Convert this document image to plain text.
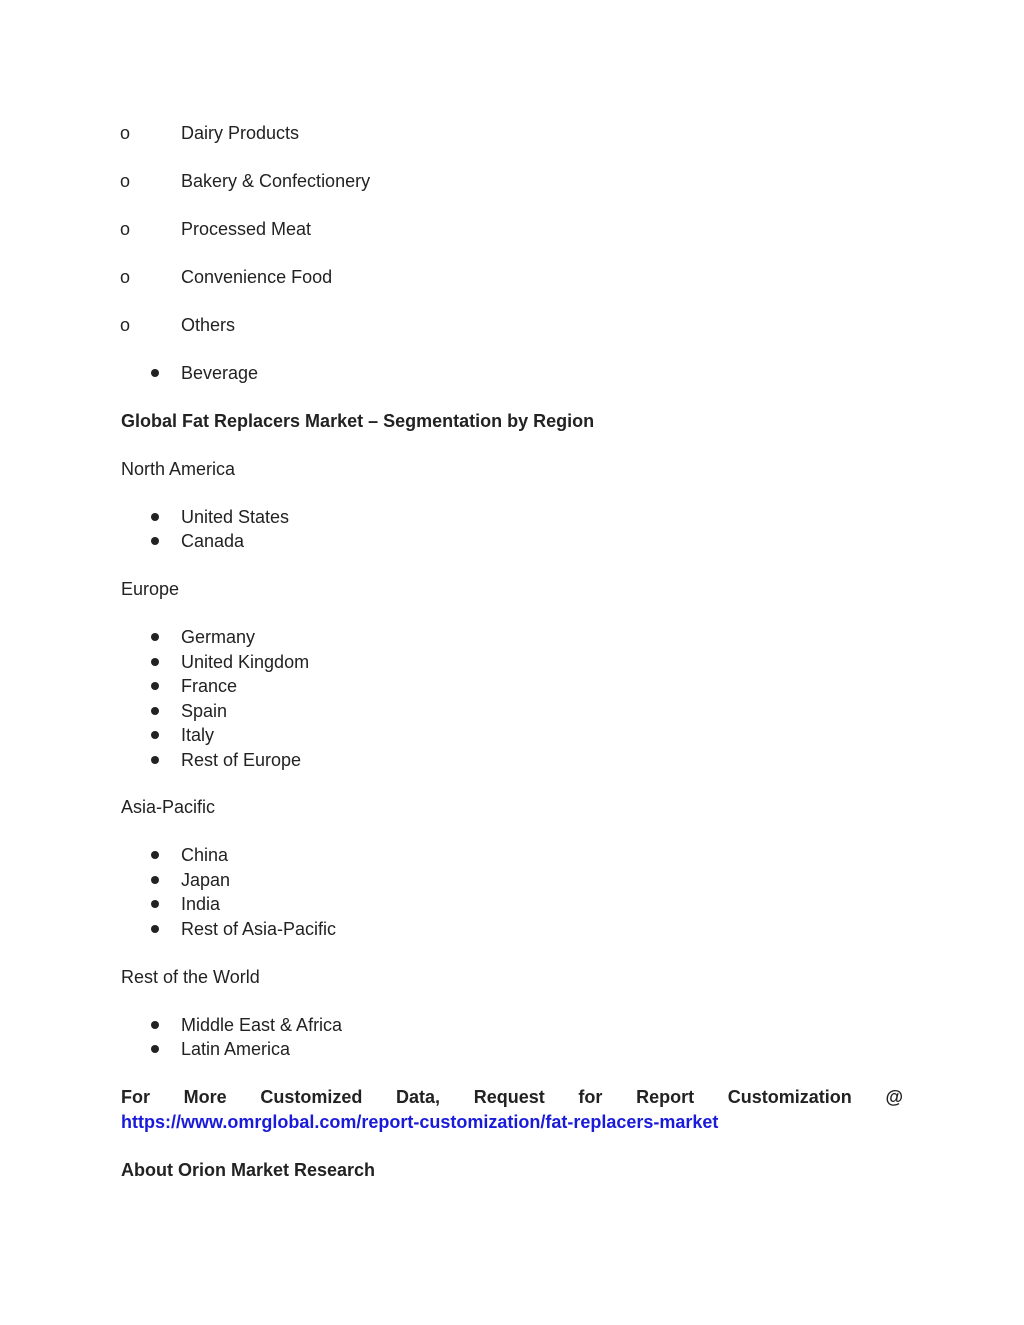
o	Dairy Products
o	Bakery & Confectionery
o	Processed Meat
o	Convenience Food
o	Others
Beverage
Global Fat Replacers Market – Segmentation by Region
North America
United States
Canada
Europe
Germany
United Kingdom
France
Spain
Italy
Rest of Europe
Asia-Pacific
China
Japan
India
Rest of Asia-Pacific
Rest of the World
Middle East & Africa
Latin America
For More Customized Data, Request for Report Customization @
https://www.omrglobal.com/report-customization/fat-replacers-market
About Orion Market Research
